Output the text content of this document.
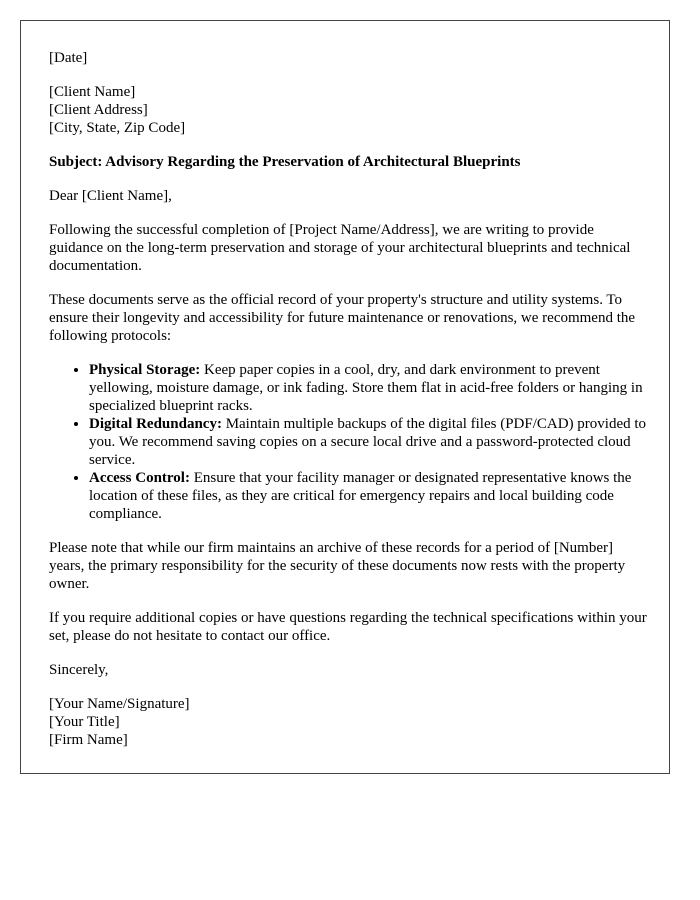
[Date]

[Client Name]
[Client Address]
[City, State, Zip Code]

Subject: Advisory Regarding the Preservation of Architectural Blueprints

Dear [Client Name],

Following the successful completion of [Project Name/Address], we are writing to provide guidance on the long-term preservation and storage of your architectural blueprints and technical documentation.

These documents serve as the official record of your property's structure and utility systems. To ensure their longevity and accessibility for future maintenance or renovations, we recommend the following protocols:

• Physical Storage: Keep paper copies in a cool, dry, and dark environment to prevent yellowing, moisture damage, or ink fading. Store them flat in acid-free folders or hanging in specialized blueprint racks.
• Digital Redundancy: Maintain multiple backups of the digital files (PDF/CAD) provided to you. We recommend saving copies on a secure local drive and a password-protected cloud service.
• Access Control: Ensure that your facility manager or designated representative knows the location of these files, as they are critical for emergency repairs and local building code compliance.

Please note that while our firm maintains an archive of these records for a period of [Number] years, the primary responsibility for the security of these documents now rests with the property owner.

If you require additional copies or have questions regarding the technical specifications within your set, please do not hesitate to contact our office.

Sincerely,

[Your Name/Signature]
[Your Title]
[Firm Name]
